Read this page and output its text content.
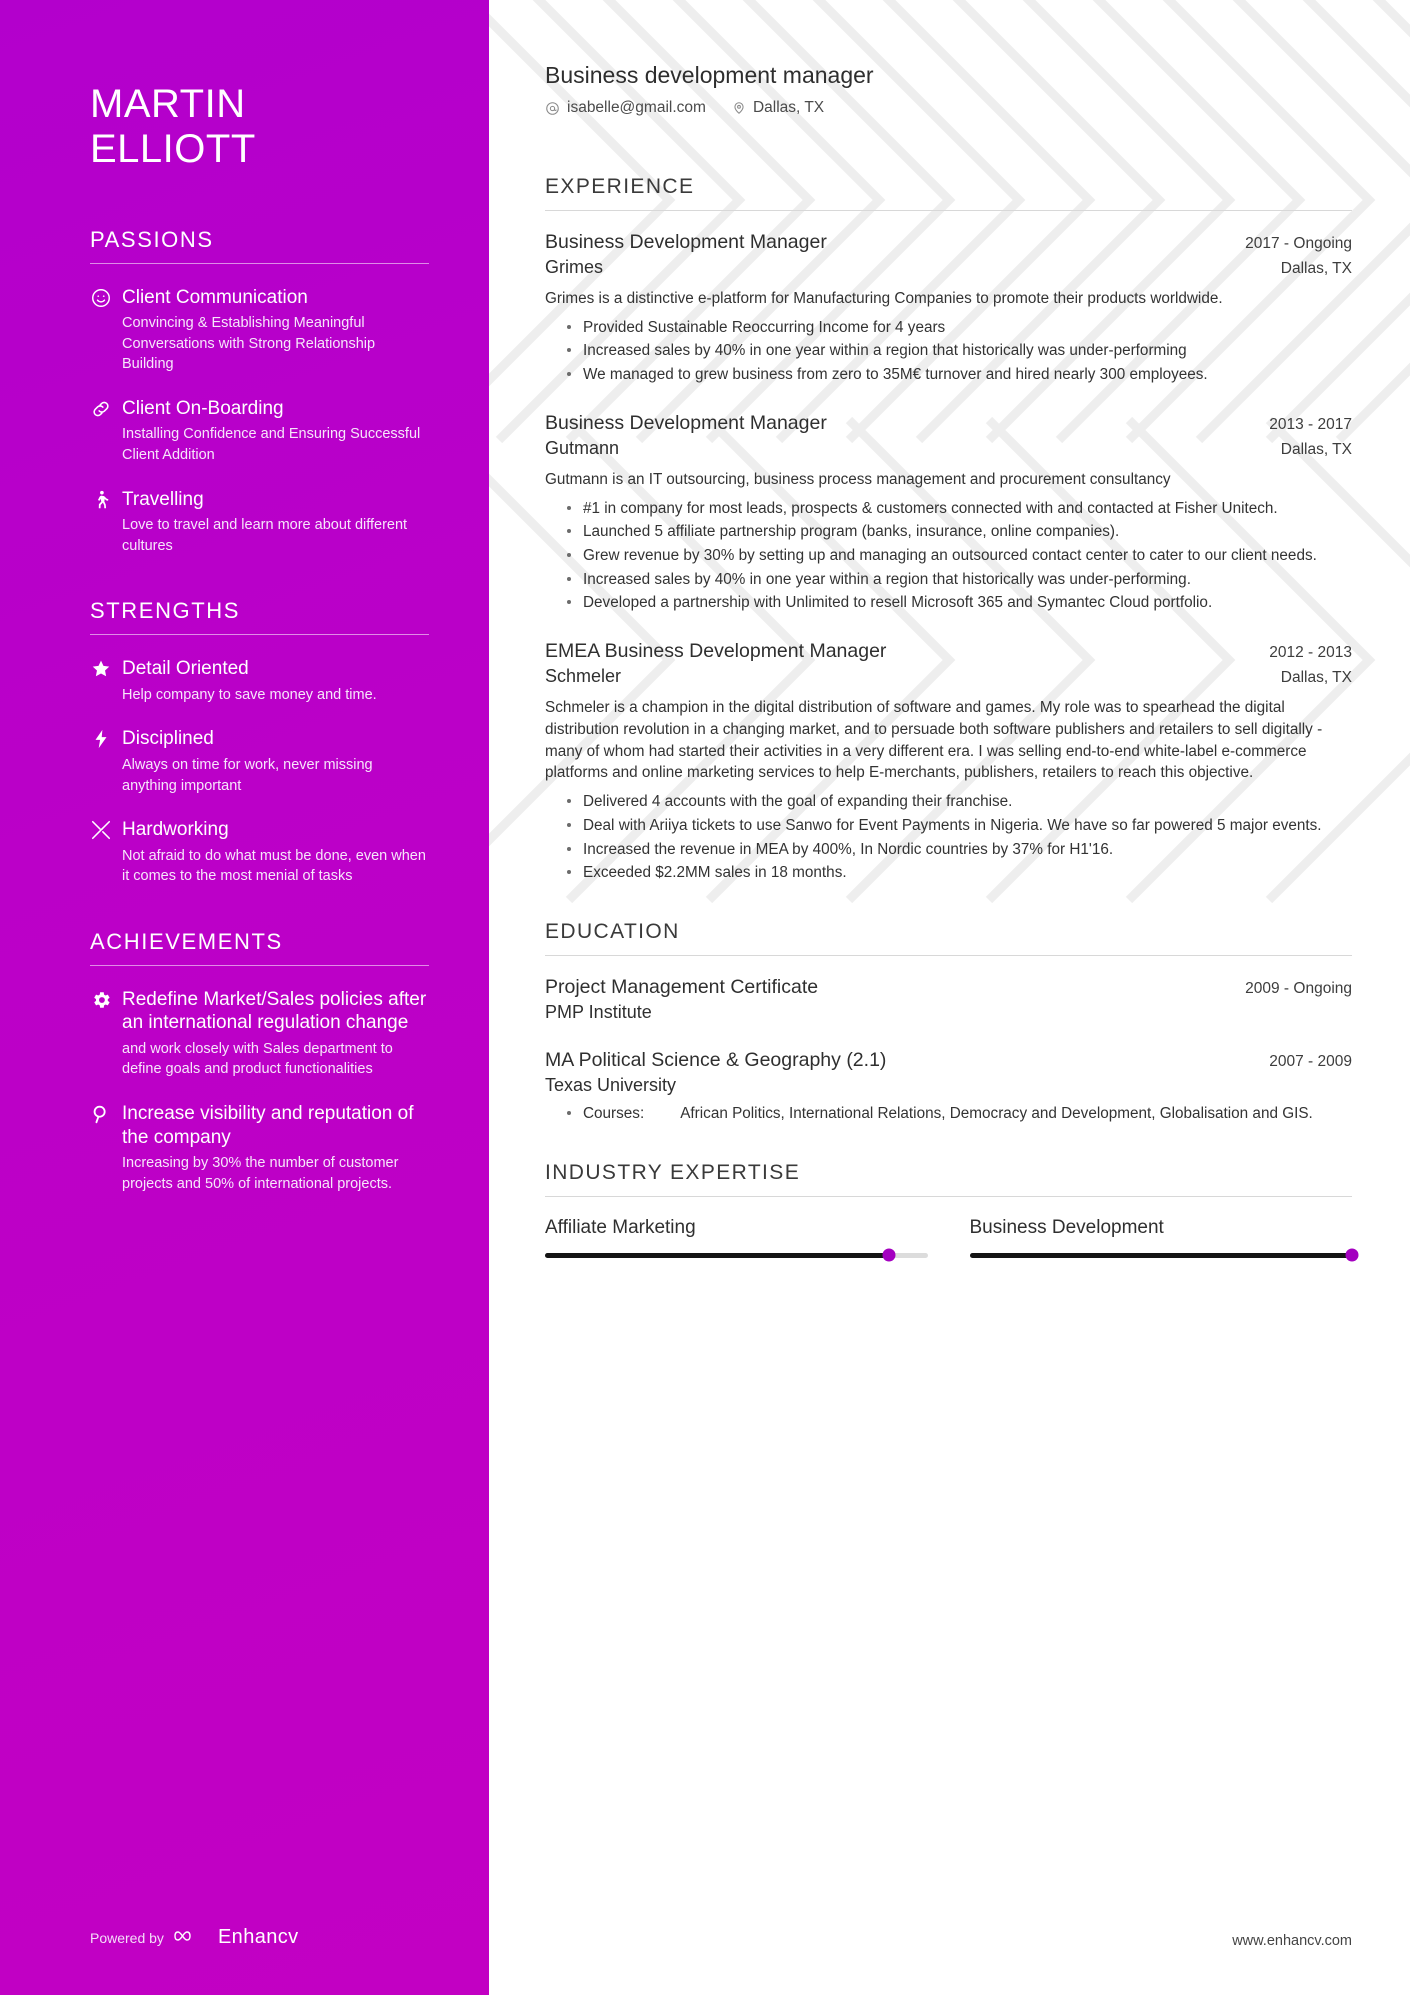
MARTIN
ELLIOTT
PASSIONS
Client Communication
Convincing & Establishing Meaningful Conversations with Strong Relationship Building
Client On-Boarding
Installing Confidence and Ensuring Successful Client Addition
Travelling
Love to travel and learn more about different cultures
STRENGTHS
Detail Oriented
Help company to save money and time.
Disciplined
Always on time for work, never missing anything important
Hardworking
Not afraid to do what must be done, even when it comes to the most menial of tasks
ACHIEVEMENTS
Redefine Market/Sales policies after an international regulation change
and work closely with Sales department to define goals and product functionalities
Increase visibility and reputation of the company
Increasing by 30% the number of customer projects and 50% of international projects.
Powered by	Enhancv
Business development manager
isabelle@gmail.com	Dallas, TX
EXPERIENCE
Business Development Manager	2017 - Ongoing
Grimes	Dallas, TX
Grimes is a distinctive e-platform for Manufacturing Companies to promote their products worldwide.
Provided Sustainable Reoccurring Income for 4 years
Increased sales by 40% in one year within a region that historically was under-performing
We managed to grew business from zero to 35M€ turnover and hired nearly 300 employees.
Business Development Manager	2013 - 2017
Gutmann	Dallas, TX
Gutmann is an IT outsourcing, business process management and procurement consultancy
#1 in company for most leads, prospects & customers connected with and contacted at Fisher Unitech.
Launched 5 affiliate partnership program (banks, insurance, online companies).
Grew revenue by 30% by setting up and managing an outsourced contact center to cater to our client needs.
Increased sales by 40% in one year within a region that historically was under-performing.
Developed a partnership with Unlimited to resell Microsoft 365 and Symantec Cloud portfolio.
EMEA Business Development Manager	2012 - 2013
Schmeler	Dallas, TX
Schmeler is a champion in the digital distribution of software and games. My role was to spearhead the digital distribution revolution in a changing market, and to persuade both software publishers and retailers to sell digitally - many of whom had started their activities in a very different era. I was selling end-to-end white-label e-commerce platforms and online marketing services to help E-merchants, publishers, retailers to reach this objective.
Delivered 4 accounts with the goal of expanding their franchise.
Deal with Ariiya tickets to use Sanwo for Event Payments in Nigeria. We have so far powered 5 major events.
Increased the revenue in MEA by 400%, In Nordic countries by 37% for H1'16.
Exceeded $2.2MM sales in 18 months.
EDUCATION
Project Management Certificate	2009 - Ongoing
PMP Institute
MA Political Science & Geography (2.1)	2007 - 2009
Texas University
Courses: African Politics, International Relations, Democracy and Development, Globalisation and GIS.
INDUSTRY EXPERTISE
Affiliate Marketing	Business Development
www.enhancv.com
